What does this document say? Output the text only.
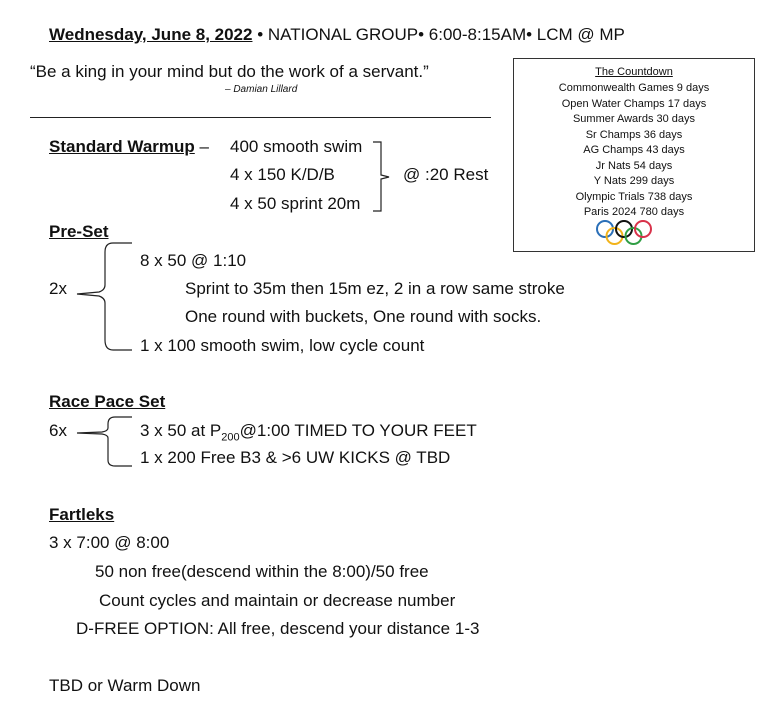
Wednesday, June 8, 2022 • NATIONAL GROUP• 6:00-8:15AM• LCM @ MP
“Be a king in your mind but do the work of a servant.”
– Damian Lillard
The Countdown
Commonwealth Games 9 days
Open Water Champs 17 days
Summer Awards 30 days
Sr Champs 36 days
AG Champs 43 days
Jr Nats 54 days
Y Nats 299 days
Olympic Trials 738 days
Paris 2024 780 days
Standard Warmup – 400 smooth swim
4 x 150 K/D/B
4 x 50 sprint 20m
@ :20 Rest
Pre-Set
2x
8 x 50 @ 1:10
Sprint to 35m then 15m ez, 2 in a row same stroke
One round with buckets, One round with socks.
1 x 100 smooth swim, low cycle count
Race Pace Set
6x	3 x 50 at $P_{200}@1:00$ TIMED TO YOUR FEET
1 x 200 Free B3 & >6 UW KICKS @ TBD
Fartleks
3 x 7:00 @ 8:00
50 non free(descend within the 8:00)/50 free
Count cycles and maintain or decrease number
D-FREE OPTION: All free, descend your distance 1-3
TBD or Warm Down
